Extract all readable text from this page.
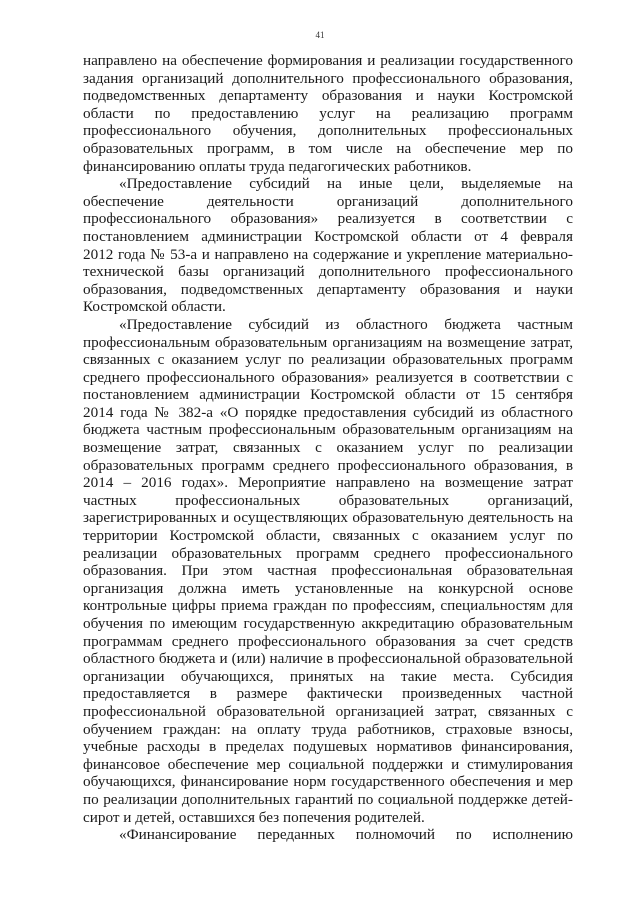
41
направлено на обеспечение формирования и реализации государственного
задания организаций дополнительного профессионального образования,
подведомственных департаменту образования и науки Костромской
области по предоставлению услуг на реализацию программ
профессионального обучения, дополнительных профессиональных
образовательных программ, в том числе на обеспечение мер по
финансированию оплаты труда педагогических работников.
«Предоставление субсидий на иные цели, выделяемые на
обеспечение деятельности организаций дополнительного
профессионального образования» реализуется в соответствии с
постановлением администрации Костромской области от 4 февраля
2012 года № 53-а и направлено на содержание и укрепление материально-
технической базы организаций дополнительного профессионального
образования, подведомственных департаменту образования и науки
Костромской области.
«Предоставление субсидий из областного бюджета частным
профессиональным образовательным организациям на возмещение затрат,
связанных с оказанием услуг по реализации образовательных программ
среднего профессионального образования» реализуется в соответствии с
постановлением администрации Костромской области от 15 сентября
2014 года № 382-а «О порядке предоставления субсидий из областного
бюджета частным профессиональным образовательным организациям на
возмещение затрат, связанных с оказанием услуг по реализации
образовательных программ среднего профессионального образования, в
2014 – 2016 годах». Мероприятие направлено на возмещение затрат
частных профессиональных образовательных организаций,
зарегистрированных и осуществляющих образовательную деятельность на
территории Костромской области, связанных с оказанием услуг по
реализации образовательных программ среднего профессионального
образования. При этом частная профессиональная образовательная
организация должна иметь установленные на конкурсной основе
контрольные цифры приема граждан по профессиям, специальностям для
обучения по имеющим государственную аккредитацию образовательным
программам среднего профессионального образования за счет средств
областного бюджета и (или) наличие в профессиональной образовательной
организации обучающихся, принятых на такие места. Субсидия
предоставляется в размере фактически произведенных частной
профессиональной образовательной организацией затрат, связанных с
обучением граждан: на оплату труда работников, страховые взносы,
учебные расходы в пределах подушевых нормативов финансирования,
финансовое обеспечение мер социальной поддержки и стимулирования
обучающихся, финансирование норм государственного обеспечения и мер
по реализации дополнительных гарантий по социальной поддержке детей-
сирот и детей, оставшихся без попечения родителей.
«Финансирование переданных полномочий по исполнению
